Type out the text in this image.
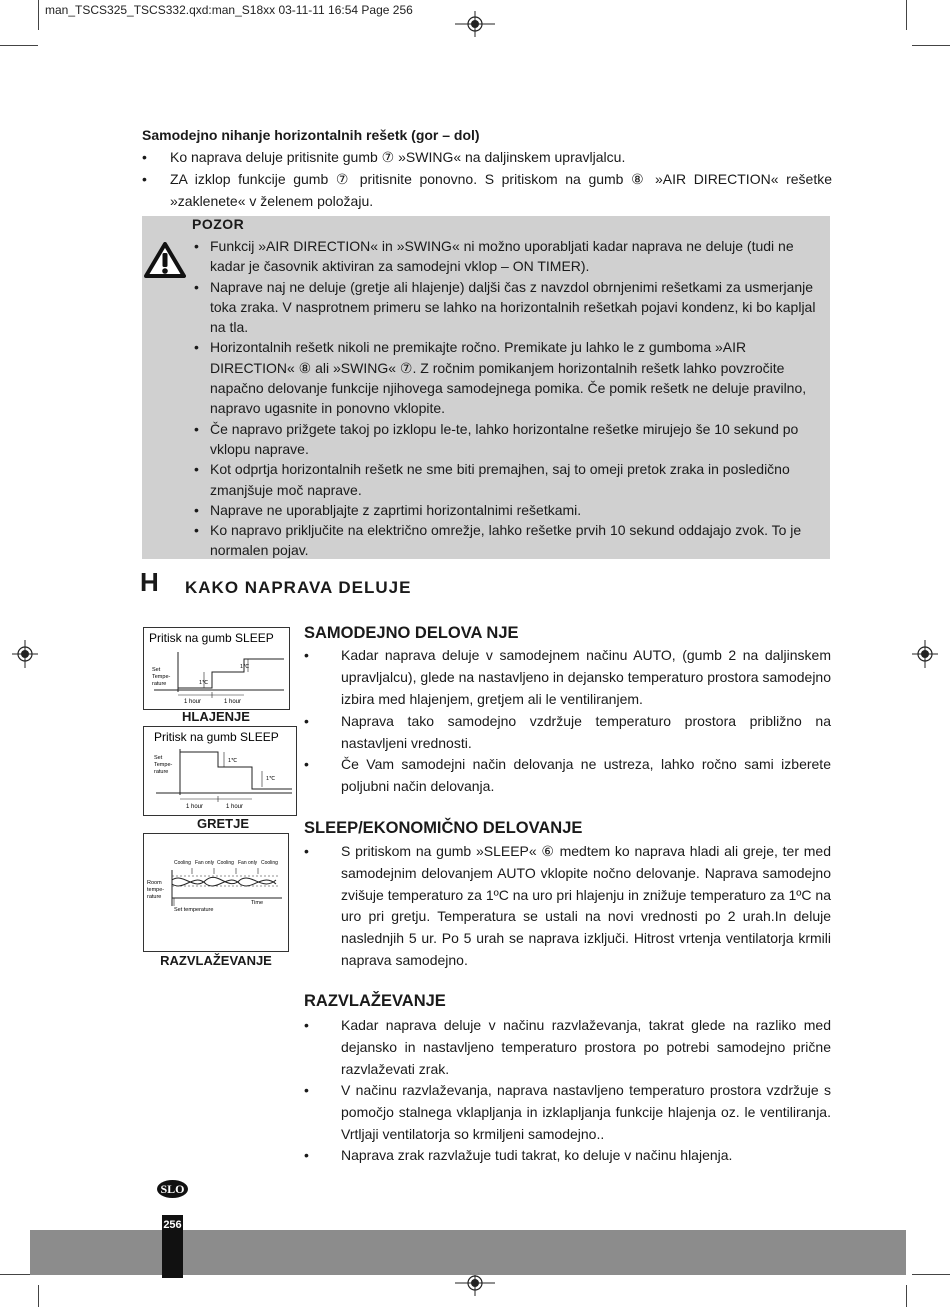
man_TSCS325_TSCS332.qxd:man_S18xx 03-11-11 16:54 Page 256
Samodejno nihanje horizontalnih rešetk (gor – dol)
• Ko naprava deluje pritisnite gumb ⑦ »SWING« na daljinskem upravljalcu.
• ZA izklop funkcije gumb ⑦ pritisnite ponovno. S pritiskom na gumb ⑧ »AIR DIRECTION« rešetke »zaklenete« v želenem položaju.
POZOR
• Funkcij »AIR DIRECTION« in »SWING« ni možno uporabljati kadar naprava ne deluje (tudi ne kadar je časovnik aktiviran za samodejni vklop – ON TIMER).
• Naprave naj ne deluje (gretje ali hlajenje) daljši čas z navzdol obrnjenimi rešetkami za usmerjanje toka zraka. V nasprotnem primeru se lahko na horizontalnih rešetkah pojavi kondenz, ki bo kapljal na tla.
• Horizontalnih rešetk nikoli ne premikajte ročno. Premikate ju lahko le z gumboma »AIR DIRECTION« ⑧ ali »SWING« ⑦. Z ročnim pomikanjem horizontalnih rešetk lahko povzročite napačno delovanje funkcije njihovega samodejnega pomika. Če pomik rešetk ne deluje pravilno, napravo ugasnite in ponovno vklopite.
• Če napravo prižgete takoj po izklopu le-te, lahko horizontalne rešetke mirujejo še 10 sekund po vklopu naprave.
• Kot odprtja horizontalnih rešetk ne sme biti premajhen, saj to omeji pretok zraka in posledično zmanjšuje moč naprave.
• Naprave ne uporabljajte z zaprtimi horizontalnimi rešetkami.
• Ko napravo priključite na električno omrežje, lahko rešetke prvih 10 sekund oddajajo zvok. To je normalen pojav.
H KAKO NAPRAVA DELUJE
Pritisk na gumb SLEEP
Set
Tempe-
rature	1℃
1℃
1 hour	1 hour
HLAJENJE
Pritisk na gumb SLEEP
Set
Tempe-
rature
1℃
1℃
1 hour	1 hour
GRETJE
Cooling Fan only Cooling Fan only Cooling
Room
tempe-
rature
Time
Set temperature
RAZVLAŽEVANJE
SAMODEJNO DELOVA NJE
• Kadar naprava deluje v samodejnem načinu AUTO, (gumb 2 na daljinskem upravljalcu), glede na nastavljeno in dejansko temperaturo prostora samodejno izbira med hlajenjem, gretjem ali le ventiliranjem.
• Naprava tako samodejno vzdržuje temperaturo prostora približno na nastavljeni vrednosti.
• Če Vam samodejni način delovanja ne ustreza, lahko ročno sami izberete poljubni način delovanja.
SLEEP/EKONOMIČNO DELOVANJE
• S pritiskom na gumb »SLEEP« ⑥ medtem ko naprava hladi ali greje, ter med samodejnim delovanjem AUTO vklopite nočno delovanje. Naprava samodejno zvišuje temperaturo za 1ºC na uro pri hlajenju in znižuje temperaturo za 1ºC na uro pri gretju. Temperatura se ustali na novi vrednosti po 2 urah.In deluje naslednjih 5 ur. Po 5 urah se naprava izključi. Hitrost vrtenja ventilatorja krmili naprava samodejno.
RAZVLAŽEVANJE
• Kadar naprava deluje v načinu razvlaževanja, takrat glede na razliko med dejansko in nastavljeno temperaturo prostora po potrebi samodejno prične razvlaževati zrak.
• V načinu razvlaževanja, naprava nastavljeno temperaturo prostora vzdržuje s pomočjo stalnega vklapljanja in izklapljanja funkcije hlajenja oz. le ventiliranja. Vrtljaji ventilatorja so krmiljeni samodejno..
• Naprava zrak razvlažuje tudi takrat, ko deluje v načinu hlajenja.
SLO
256
